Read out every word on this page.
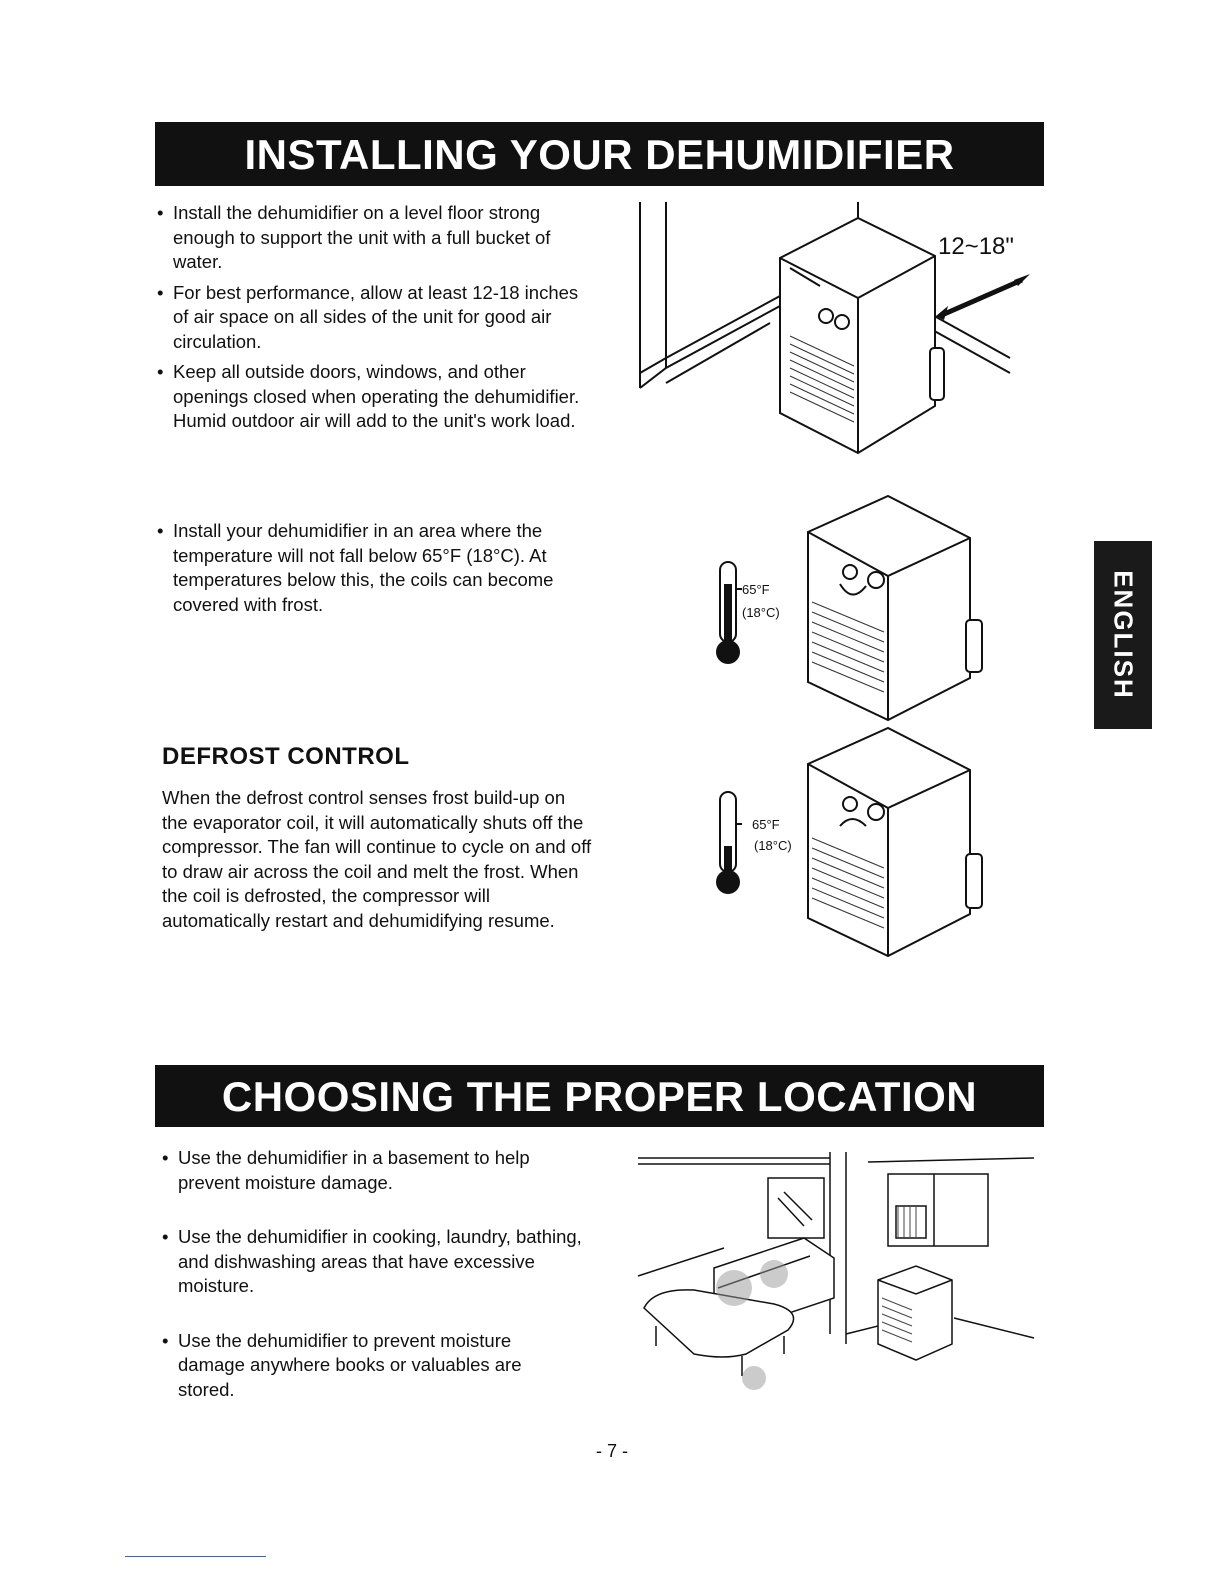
INSTALLING YOUR DEHUMIDIFIER
• Install the dehumidifier on a level floor strong enough to support the unit with a full bucket of water.
• For best performance, allow at least 12-18 inches of air space on all sides of the unit for good air circulation.
• Keep all outside doors, windows, and other openings closed when operating the dehumidifier. Humid outdoor air will add to the unit's work load.
12~18"
• Install your dehumidifier in an area where the temperature will not fall below 65°F (18°C). At temperatures below this, the coils can become covered with frost.
65°F
(18°C)
DEFROST CONTROL
When the defrost control senses frost build-up on the evaporator coil, it will automatically shuts off the compressor. The fan will continue to cycle on and off to draw air across the coil and melt the frost. When the coil is defrosted, the compressor will automatically restart and dehumidifying resume.
65°F
(18°C)
ENGLISH
CHOOSING THE PROPER LOCATION
• Use the dehumidifier in a basement to help prevent moisture damage.
• Use the dehumidifier in cooking, laundry, bathing, and dishwashing areas that have excessive moisture.
• Use the dehumidifier to prevent moisture damage anywhere books or valuables are stored.
- 7 -
